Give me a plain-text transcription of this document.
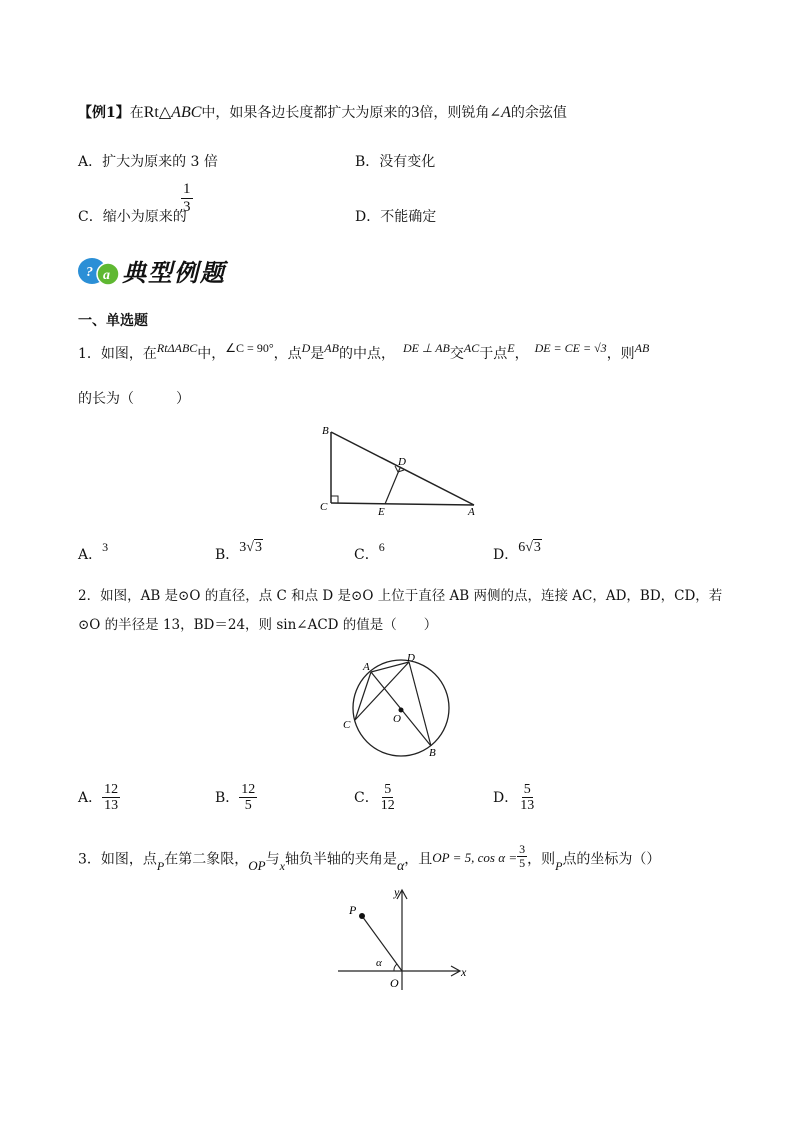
【例1】在Rt△ABC中，如果各边长度都扩大为原来的3倍，则锐角∠A的余弦值
A．扩大为原来的 3 倍	B．没有变化
C．缩小为原来的
$\frac{1}{3}$
D．不能确定
? a 典型例题
一、单选题
1．如图，在RtΔABC中，∠C = 90°，点D是AB的中点， DE ⊥ AB交AC于点E， DE = CE = √3，则AB
的长为（　　　）
B
D
C	E	A
A．3	B．3√3	C．6	D．6√3
2．如图，AB 是⊙O 的直径，点 C 和点 D 是⊙O 上位于直径 AB 两侧的点，连接 AC，AD，BD，CD，若
⊙O 的半径是 13，BD＝24，则 sin∠ACD 的值是（　　）
A
D
C	O
B
A． $\frac{12}{13}$	B． $\frac{12}{5}$	C． $\frac{5}{12}$	D． $\frac{5}{13}$
3．如图，点P在第二象限，OP与x轴负半轴的夹角是α，且OP = 5, $\cos \alpha = \frac{3}{5}$ ，则P点的坐标为（）
y
P
α
x
O
